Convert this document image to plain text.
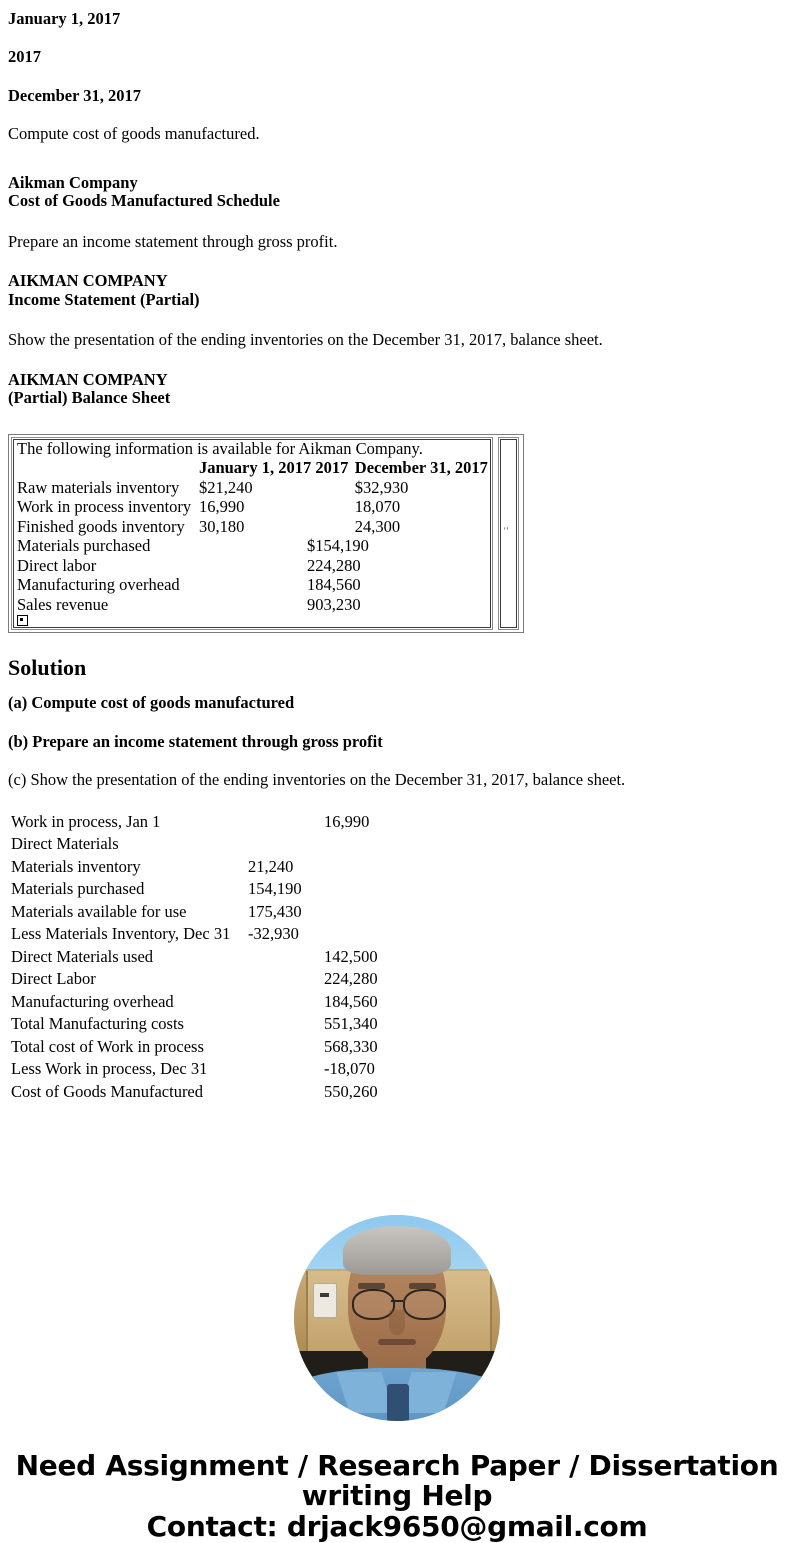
January 1, 2017

2017

December 31, 2017

Compute cost of goods manufactured.

Aikman Company
Cost of Goods Manufactured Schedule

Prepare an income statement through gross profit.

AIKMAN COMPANY
Income Statement (Partial)

Show the presentation of the ending inventories on the December 31, 2017, balance sheet.

AIKMAN COMPANY
(Partial) Balance Sheet
The following information is available for Aikman Company.		
	January 1, 2017 2017	December 31, 2017
Raw materials inventory	$21,240	$32,930
Work in process inventory	16,990	18,070
Finished goods inventory	30,180	24,300
Materials purchased	$154,190	
Direct labor	224,280	
Manufacturing overhead	184,560	
Sales revenue	903,230	

''
Solution

(a) Compute cost of goods manufactured

(b) Prepare an income statement through gross profit

(c) Show the presentation of the ending inventories on the December 31, 2017, balance sheet.

Work in process, Jan 1		16,990
Direct Materials		
Materials inventory	21,240	
Materials purchased	154,190	
Materials available for use	175,430	
Less Materials Inventory, Dec 31	-32,930	
Direct Materials used		142,500
Direct Labor		224,280
Manufacturing overhead		184,560
Total Manufacturing costs		551,340
Total cost of Work in process		568,330
Less Work in process, Dec 31		-18,070
Cost of Goods Manufactured		550,260
Need Assignment / Research Paper / Dissertation
writing Help
Contact: drjack9650@gmail.com
